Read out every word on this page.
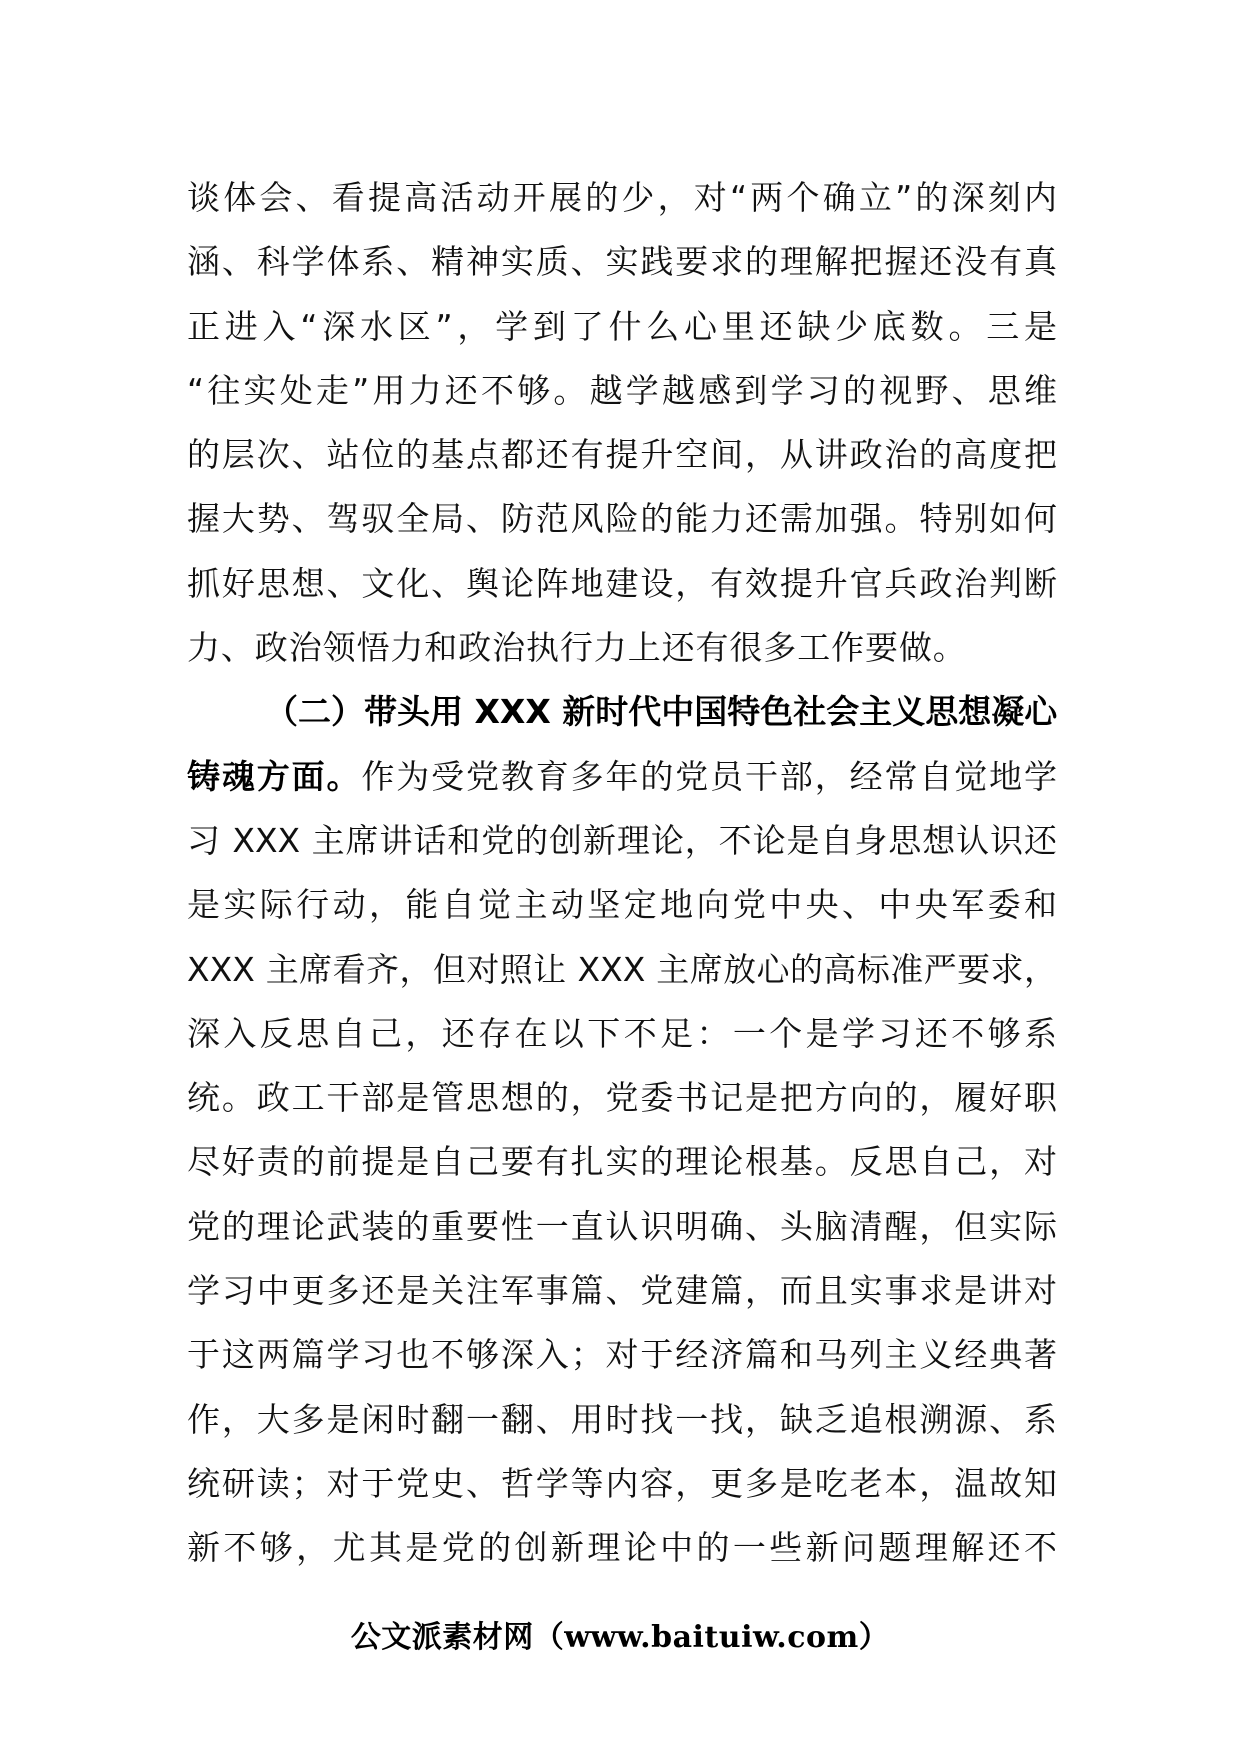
谈体会、看提高活动开展的少，对“两个确立”的深刻内
涵、科学体系、精神实质、实践要求的理解把握还没有真
正进入“深水区”，学到了什么心里还缺少底数。三是
“往实处走”用力还不够。越学越感到学习的视野、思维
的层次、站位的基点都还有提升空间，从讲政治的高度把
握大势、驾驭全局、防范风险的能力还需加强。特别如何
抓好思想、文化、舆论阵地建设，有效提升官兵政治判断
力、政治领悟力和政治执行力上还有很多工作要做。
（二）带头用 XXX 新时代中国特色社会主义思想凝心
铸魂方面。作为受党教育多年的党员干部，经常自觉地学
习 XXX 主席讲话和党的创新理论，不论是自身思想认识还
是实际行动，能自觉主动坚定地向党中央、中央军委和
XXX 主席看齐，但对照让 XXX 主席放心的高标准严要求，
深入反思自己，还存在以下不足：一个是学习还不够系
统。政工干部是管思想的，党委书记是把方向的，履好职
尽好责的前提是自己要有扎实的理论根基。反思自己，对
党的理论武装的重要性一直认识明确、头脑清醒，但实际
学习中更多还是关注军事篇、党建篇，而且实事求是讲对
于这两篇学习也不够深入；对于经济篇和马列主义经典著
作，大多是闲时翻一翻、用时找一找，缺乏追根溯源、系
统研读；对于党史、哲学等内容，更多是吃老本，温故知
新不够，尤其是党的创新理论中的一些新问题理解还不
公文派素材网（www.baituiw.com）
